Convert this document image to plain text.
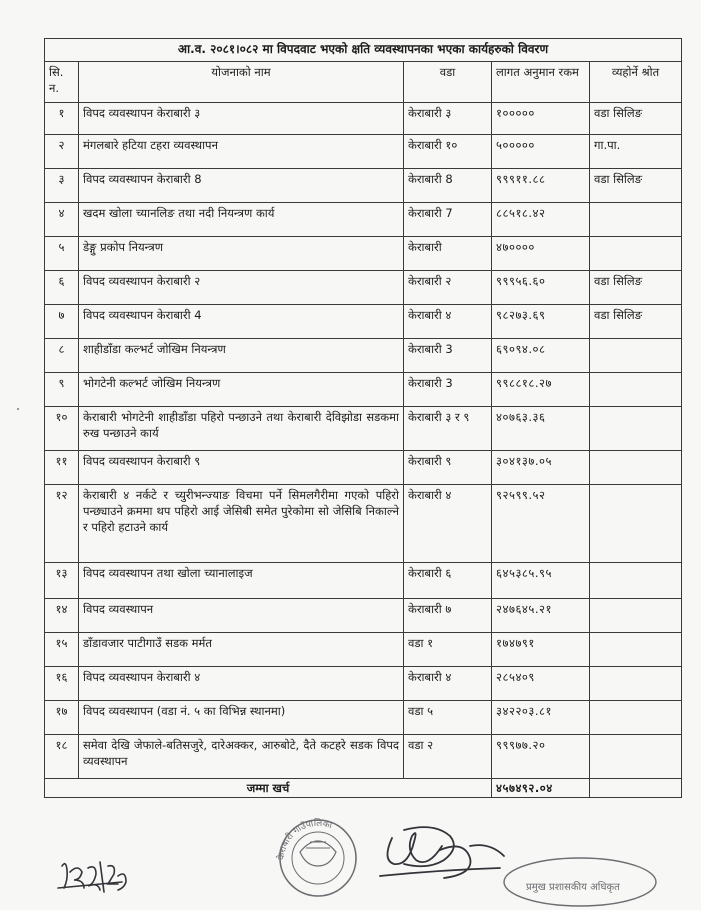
आ.व. २०८१।०८२ मा विपदवाट भएको क्षति व्यवस्थापनका भएका कार्यहरुको विवरण				
सि. न.	योजनाको नाम	वडा	लागत अनुमान रकम	व्यहोर्ने श्रोत
१	विपद व्यवस्थापन केराबारी ३	केराबारी ३	१०००००	वडा सिलिङ
२	मंगलबारे हटिया टहरा व्यवस्थापन	केराबारी १०	५०००००	गा.पा.
३	विपद व्यवस्थापन केराबारी 8	केराबारी 8	९९९११.८८	वडा सिलिङ
४	खदम खोला च्यानलिङ तथा नदी नियन्त्रण कार्य	केराबारी 7	८८५१८.४२	
५	डेङ्गु प्रकोप नियन्त्रण	केराबारी	४७००००	
६	विपद व्यवस्थापन केराबारी २	केराबारी २	९९९५६.६०	वडा सिलिङ
७	विपद व्यवस्थापन केराबारी 4	केराबारी ४	९८२७३.६९	वडा सिलिङ
८	शाहीडाँडा कल्भर्ट जोखिम नियन्त्रण	केराबारी 3	६९०९४.०८	
९	भोगटेनी कल्भर्ट जोखिम नियन्त्रण	केराबारी 3	९९८८१८.२७	
१०	केराबारी भोगटेनी शाहीडाँडा पहिरो पन्छाउने तथा केराबारी देविझोडा सडकमा रुख पन्छाउने कार्य	केराबारी ३ र ९	४०७६३.३६	
११	विपद व्यवस्थापन केराबारी ९	केराबारी ९	३०४१३७.०५	
१२	केराबारी ४ नर्कटे र च्युरीभन्ज्याङ विचमा पर्ने सिमलगैरीमा गएको पहिरो पन्छ्याउने क्रममा थप पहिरो आई जेसिबी समेत पुरेकोमा सो जेसिबि निकाल्ने र पहिरो हटाउने कार्य	केराबारी ४	९२५९९.५२	
१३	विपद व्यवस्थापन तथा खोला च्यानालाइज	केराबारी ६	६४५३८५.९५	
१४	विपद व्यवस्थापन	केराबारी ७	२४७६४५.२१	
१५	डाँडावजार पाटीगाउँ सडक मर्मत	वडा १	१७४७९१	
१६	विपद व्यवस्थापन केराबारी ४	केराबारी ४	२८५४०९	
१७	विपद व्यवस्थापन (वडा नं. ५ का विभिन्न स्थानमा)	वडा ५	३४२२०३.८१	
१८	समेवा देखि जेफाले-बतिसजुरे, दारेअक्कर, आरुबोटे, दैते कटहरे सडक विपद व्यवस्थापन	वडा २	९९९७७.२०	
जम्मा खर्च			४५७४९२.०४	
केराबारी गाउँपालिका
प्रमुख प्रशासकीय अधिकृत
